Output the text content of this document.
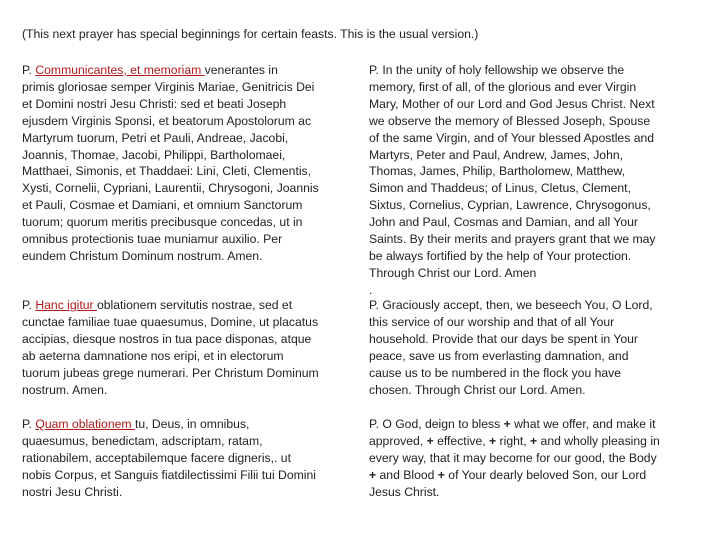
(This next prayer has special beginnings for certain feasts. This is the usual version.)
P. Communicantes, et memoriam venerantes in
primis gloriosae semper Virginis Mariae, Genitricis Dei
et Domini nostri Jesu Christi: sed et beati Joseph
ejusdem Virginis Sponsi, et beatorum Apostolorum ac
Martyrum tuorum, Petri et Pauli, Andreae, Jacobi,
Joannis, Thomae, Jacobi, Philippi, Bartholomaei,
Matthaei, Simonis, et Thaddaei: Lini, Cleti, Clementis,
Xysti, Cornelii, Cypriani, Laurentii, Chrysogoni, Joannis
et Pauli, Cosmae et Damiani, et omnium Sanctorum
tuorum; quorum meritis precibusque concedas, ut in
omnibus protectionis tuae muniamur auxilio. Per
eundem Christum Dominum nostrum. Amen.
P. In the unity of holy fellowship we observe the
memory, first of all, of the glorious and ever Virgin
Mary, Mother of our Lord and God Jesus Christ. Next
we observe the memory of Blessed Joseph, Spouse
of the same Virgin, and of Your blessed Apostles and
Martyrs, Peter and Paul, Andrew, James, John,
Thomas, James, Philip, Bartholomew, Matthew,
Simon and Thaddeus; of Linus, Cletus, Clement,
Sixtus, Cornelius, Cyprian, Lawrence, Chrysogonus,
John and Paul, Cosmas and Damian, and all Your
Saints. By their merits and prayers grant that we may
be always fortified by the help of Your protection.
Through Christ our Lord. Amen
.
P. Hanc igitur oblationem servitutis nostrae, sed et
cunctae familiae tuae quaesumus, Domine, ut placatus
accipias, diesque nostros in tua pace disponas, atque
ab aeterna damnatione nos eripi, et in electorum
tuorum jubeas grege numerari. Per Christum Dominum
nostrum. Amen.
P. Graciously accept, then, we beseech You, O Lord,
this service of our worship and that of all Your
household. Provide that our days be spent in Your
peace, save us from everlasting damnation, and
cause us to be numbered in the flock you have
chosen. Through Christ our Lord. Amen.
P. Quam oblationem tu, Deus, in omnibus,
quaesumus, benedictam, adscriptam, ratam,
rationabilem, acceptabilemque facere digneris,. ut
nobis Corpus, et Sanguis fiatdilectissimi Filii tui Domini
nostri Jesu Christi.
P. O God, deign to bless + what we offer, and make it
approved, + effective, + right, + and wholly pleasing in
every way, that it may become for our good, the Body
+ and Blood + of Your dearly beloved Son, our Lord
Jesus Christ.
